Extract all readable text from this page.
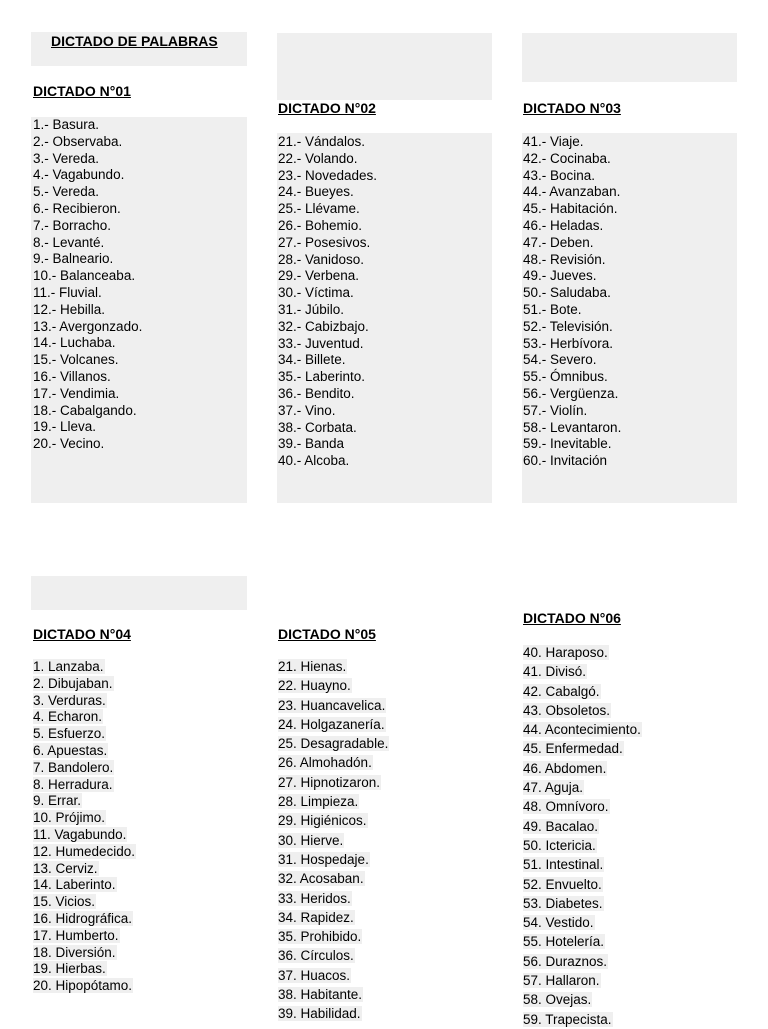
DICTADO DE PALABRAS
DICTADO N°01
DICTADO N°02	DICTADO N°03
DICTADO N°04	DICTADO N°05
DICTADO N°06
1.- Basura.
2.- Observaba.
3.- Vereda.
4.- Vagabundo.
5.- Vereda.
6.- Recibieron.
7.- Borracho.
8.- Levanté.
9.- Balneario.
10.- Balanceaba.
11.- Fluvial.
12.- Hebilla.
13.- Avergonzado.
14.- Luchaba.
15.- Volcanes.
16.- Villanos.
17.- Vendimia.
18.- Cabalgando.
19.- Lleva.
20.- Vecino.
21.- Vándalos.
22.- Volando.
23.- Novedades.
24.- Bueyes.
25.- Llévame.
26.- Bohemio.
27.- Posesivos.
28.- Vanidoso.
29.- Verbena.
30.- Víctima.
31.- Júbilo.
32.- Cabizbajo.
33.- Juventud.
34.- Billete.
35.- Laberinto.
36.- Bendito.
37.- Vino.
38.- Corbata.
39.- Banda
40.- Alcoba.
41.- Viaje.
42.- Cocinaba.
43.- Bocina.
44.- Avanzaban.
45.- Habitación.
46.- Heladas.
47.- Deben.
48.- Revisión.
49.- Jueves.
50.- Saludaba.
51.- Bote.
52.- Televisión.
53.- Herbívora.
54.- Severo.
55.- Ómnibus.
56.- Vergüenza.
57.- Violín.
58.- Levantaron.
59.- Inevitable.
60.- Invitación
1. Lanzaba.
2. Dibujaban.
3. Verduras.
4. Echaron.
5. Esfuerzo.
6. Apuestas.
7. Bandolero.
8. Herradura.
9. Errar.
10. Prójimo.
11. Vagabundo.
12. Humedecido.
13. Cerviz.
14. Laberinto.
15. Vicios.
16. Hidrográfica.
17. Humberto.
18. Diversión.
19. Hierbas.
20. Hipopótamo.
21. Hienas.
22. Huayno.
23. Huancavelica.
24. Holgazanería.
25. Desagradable.
26. Almohadón.
27. Hipnotizaron.
28. Limpieza.
29. Higiénicos.
30. Hierve.
31. Hospedaje.
32. Acosaban.
33. Heridos.
34. Rapidez.
35. Prohibido.
36. Círculos.
37. Huacos.
38. Habitante.
39. Habilidad.
40. Haraposo.
41. Divisó.
42. Cabalgó.
43. Obsoletos.
44. Acontecimiento.
45. Enfermedad.
46. Abdomen.
47. Aguja.
48. Omnívoro.
49. Bacalao.
50. Ictericia.
51. Intestinal.
52. Envuelto.
53. Diabetes.
54. Vestido.
55. Hotelería.
56. Duraznos.
57. Hallaron.
58. Ovejas.
59. Trapecista.
